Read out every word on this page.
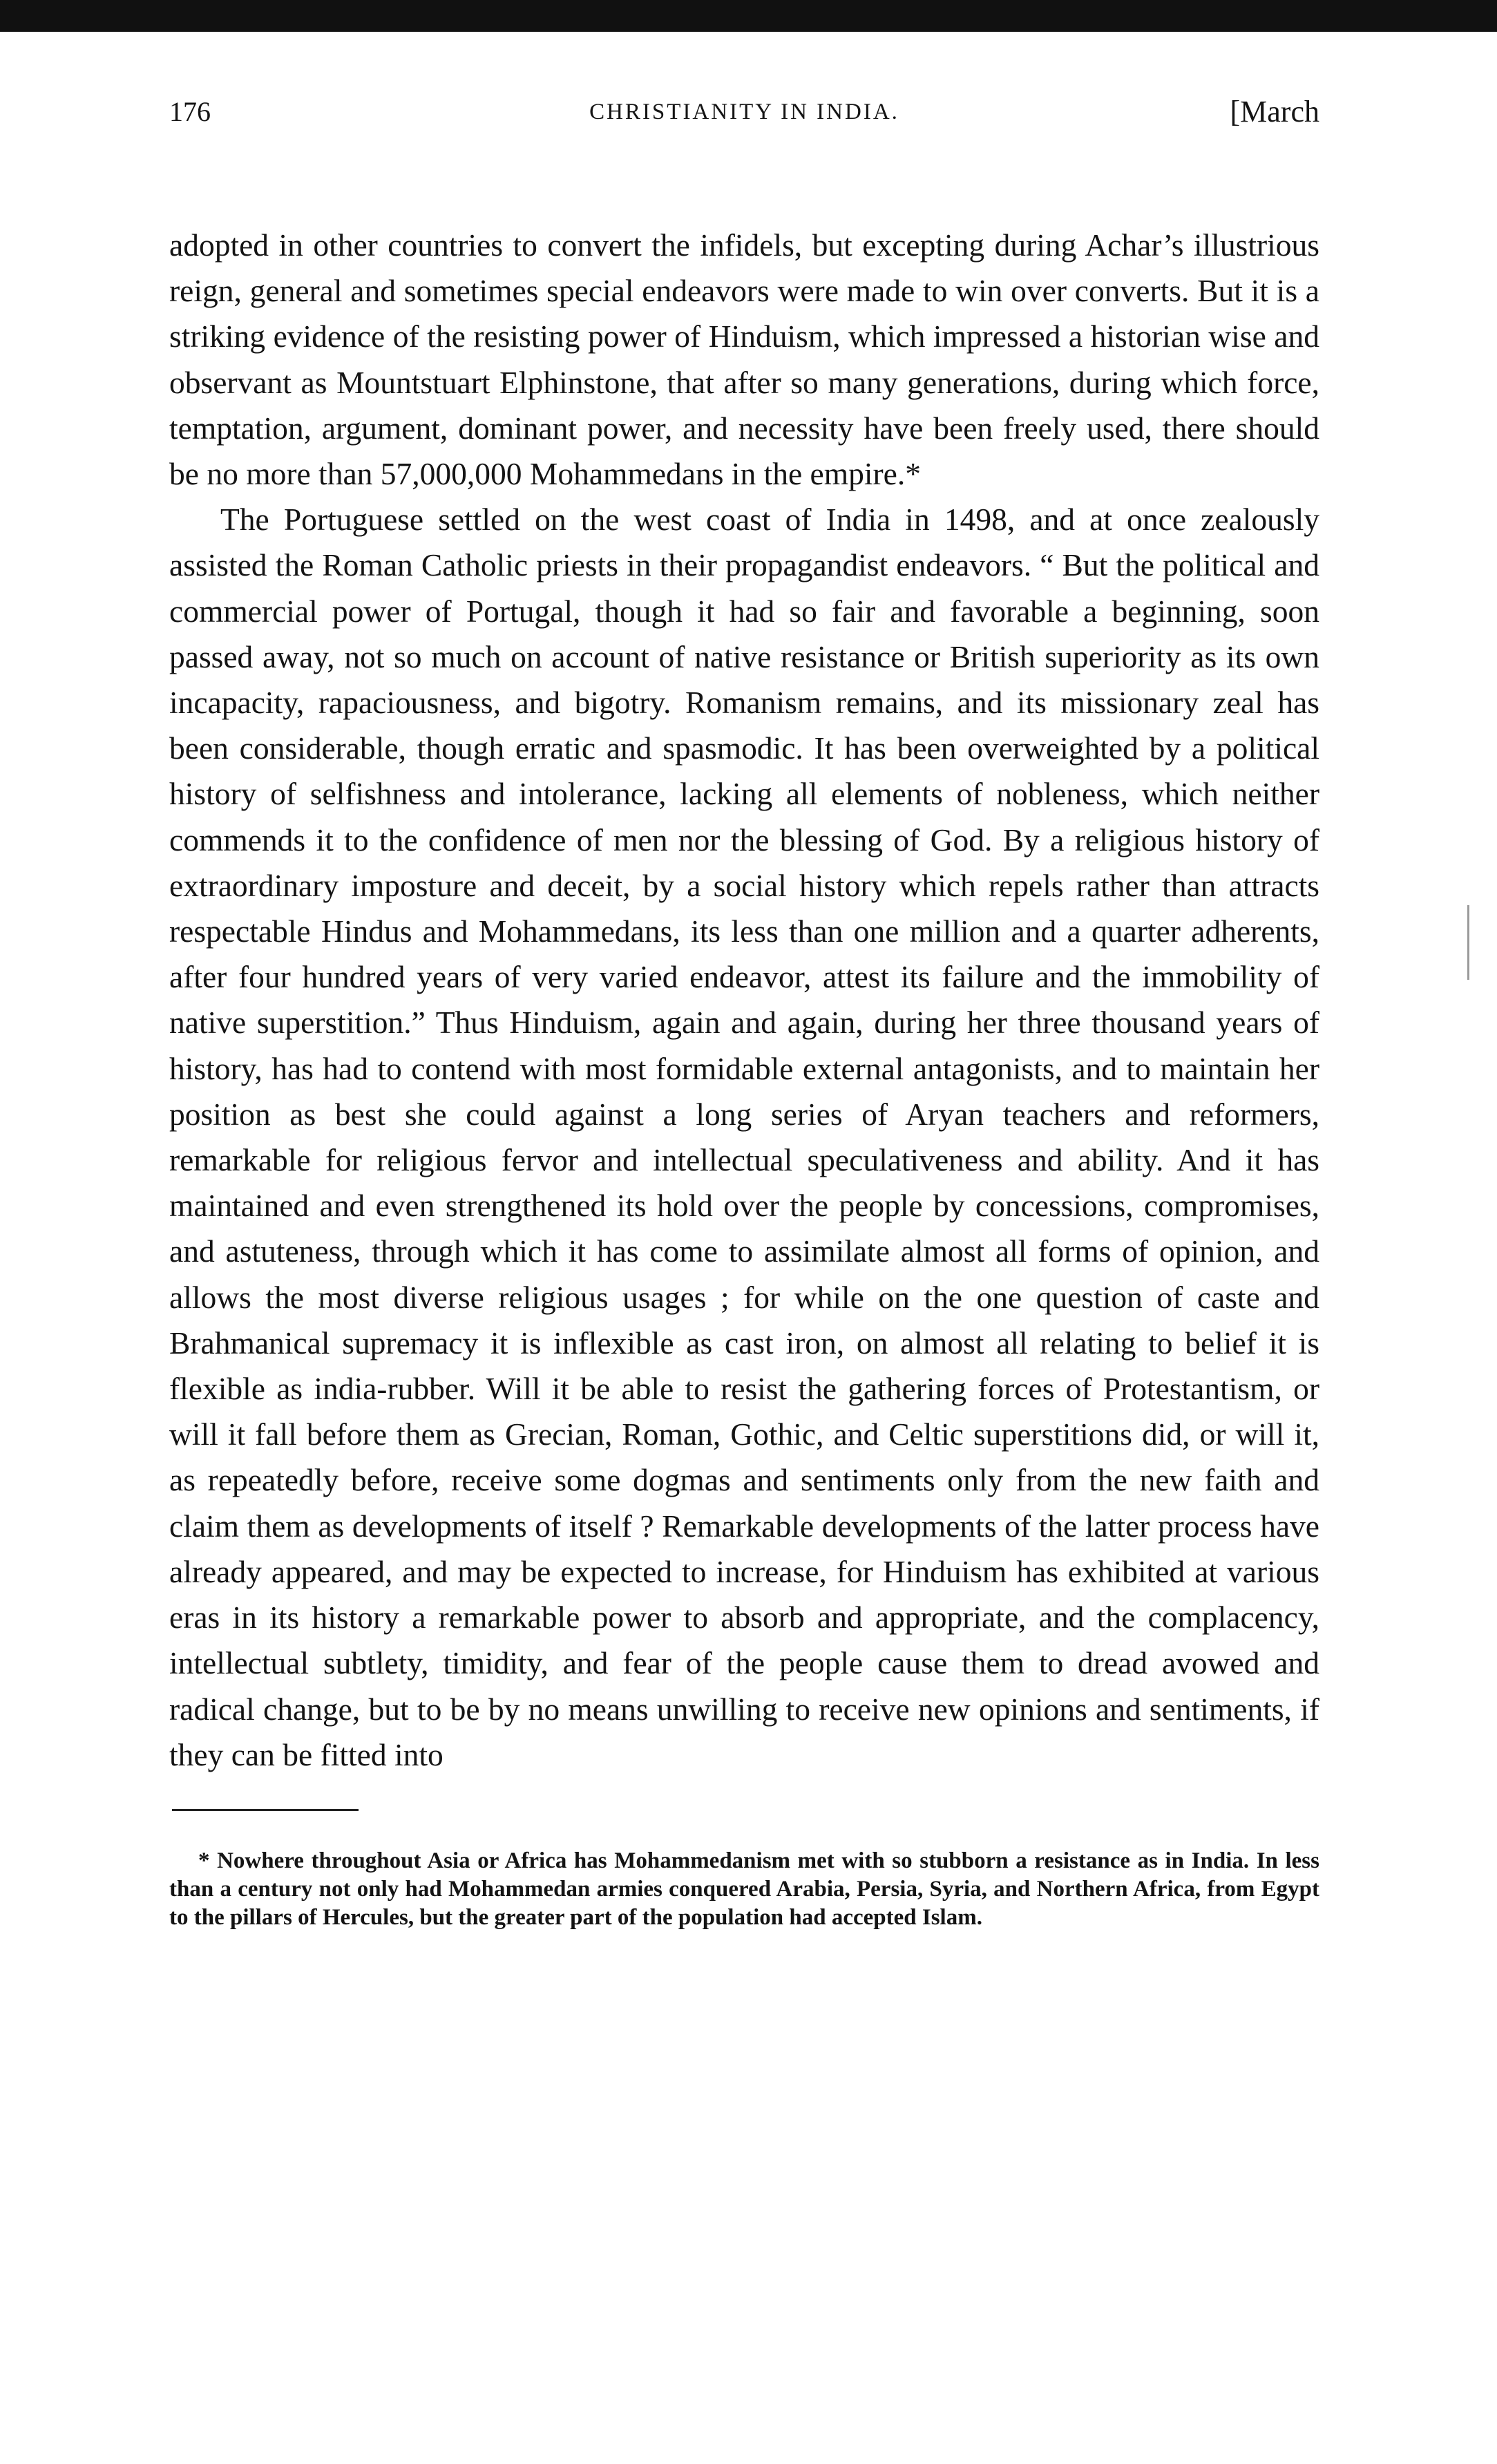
176	CHRISTIANITY IN INDIA.	[March

adopted in other countries to convert the infidels, but excepting during Achar’s illustrious reign, general and sometimes special endeavors were made to win over converts. But it is a striking evidence of the resisting power of Hinduism, which impressed a historian wise and observant as Mountstuart Elphinstone, that after so many generations, during which force, temptation, argument, dominant power, and necessity have been freely used, there should be no more than 57,000,000 Mohammedans in the empire.*

The Portuguese settled on the west coast of India in 1498, and at once zealously assisted the Roman Catholic priests in their propagandist endeavors. “ But the political and commercial power of Portugal, though it had so fair and favorable a beginning, soon passed away, not so much on account of native resistance or British superiority as its own incapacity, rapaciousness, and bigotry. Romanism remains, and its missionary zeal has been considerable, though erratic and spasmodic. It has been overweighted by a political history of selfishness and intolerance, lacking all elements of nobleness, which neither commends it to the confidence of men nor the blessing of God. By a religious history of extraordinary imposture and deceit, by a social history which repels rather than attracts respectable Hindus and Mohammedans, its less than one million and a quarter adherents, after four hundred years of very varied endeavor, attest its failure and the immobility of native superstition.” Thus Hinduism, again and again, during her three thousand years of history, has had to contend with most formidable external antagonists, and to maintain her position as best she could against a long series of Aryan teachers and reformers, remarkable for religious fervor and intellectual speculativeness and ability. And it has maintained and even strengthened its hold over the people by concessions, compromises, and astuteness, through which it has come to assimilate almost all forms of opinion, and allows the most diverse religious usages ; for while on the one question of caste and Brahmanical supremacy it is inflexible as cast iron, on almost all relating to belief it is flexible as india-rubber. Will it be able to resist the gathering forces of Protestantism, or will it fall before them as Grecian, Roman, Gothic, and Celtic superstitions did, or will it, as repeatedly before, receive some dogmas and sentiments only from the new faith and claim them as developments of itself ? Remarkable developments of the latter process have already appeared, and may be expected to increase, for Hinduism has exhibited at various eras in its history a remarkable power to absorb and appropriate, and the complacency, intellectual subtlety, timidity, and fear of the people cause them to dread avowed and radical change, but to be by no means unwilling to receive new opinions and sentiments, if they can be fitted into

* Nowhere throughout Asia or Africa has Mohammedanism met with so stubborn a resistance as in India. In less than a century not only had Mohammedan armies conquered Arabia, Persia, Syria, and Northern Africa, from Egypt to the pillars of Hercules, but the greater part of the population had accepted Islam.
